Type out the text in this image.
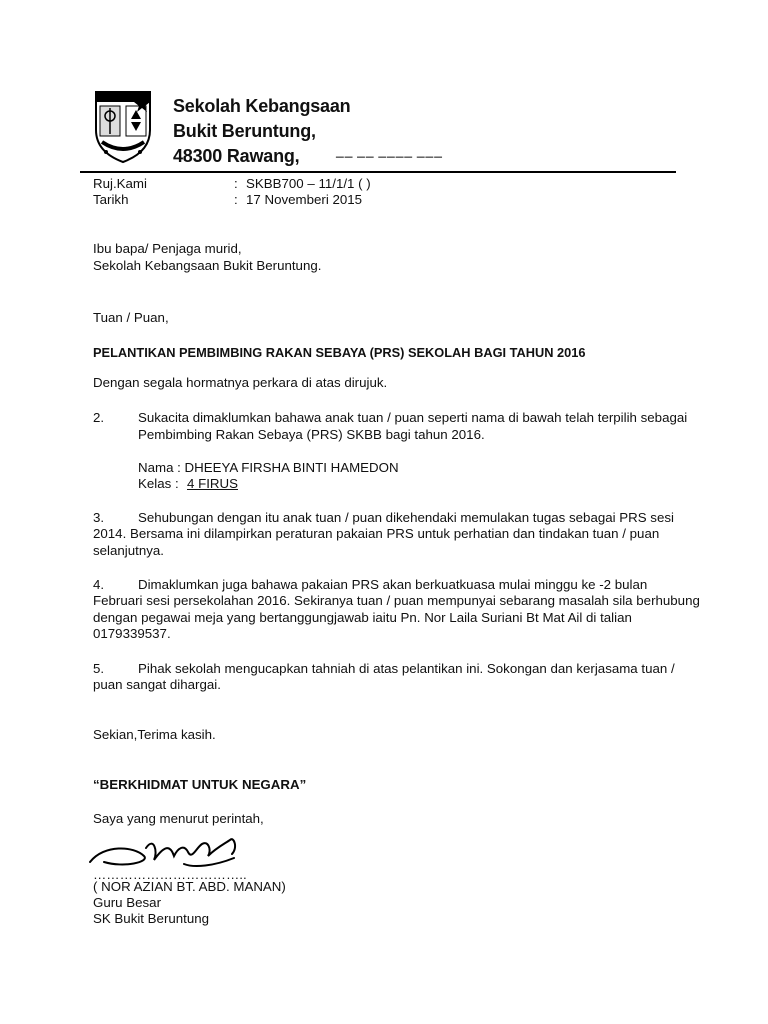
Sekolah Kebangsaan
Bukit Beruntung,
48300 Rawang,	▔▔ ▔▔ ▔▔▔▔ ▔▔▔
Ruj.Kami	: SKBB700 – 11/1/1 ( )
Tarikh	: 17 Novemberi 2015
Ibu bapa/ Penjaga murid,
Sekolah Kebangsaan Bukit Beruntung.
Tuan / Puan,
PELANTIKAN PEMBIMBING RAKAN SEBAYA (PRS) SEKOLAH BAGI TAHUN 2016
Dengan segala hormatnya perkara di atas dirujuk.
2.	Sukacita dimaklumkan bahawa anak tuan / puan seperti nama di bawah telah terpilih sebagai
Pembimbing Rakan Sebaya (PRS) SKBB bagi tahun 2016.
Nama : DHEEYA FIRSHA BINTI HAMEDON
Kelas : 4 FIRUS
3.	Sehubungan dengan itu anak tuan / puan dikehendaki memulakan tugas sebagai PRS sesi
2014. Bersama ini dilampirkan peraturan pakaian PRS untuk perhatian dan tindakan tuan / puan
selanjutnya.
4.	Dimaklumkan juga bahawa pakaian PRS akan berkuatkuasa mulai minggu ke -2 bulan
Februari sesi persekolahan 2016. Sekiranya tuan / puan mempunyai sebarang masalah sila berhubung
dengan pegawai meja yang bertanggungjawab iaitu Pn. Nor Laila Suriani Bt Mat Ail di talian
0179339537.
5.	Pihak sekolah mengucapkan tahniah di atas pelantikan ini. Sokongan dan kerjasama tuan /
puan sangat dihargai.
Sekian,Terima kasih.
“BERKHIDMAT UNTUK NEGARA”
Saya yang menurut perintah,
……………………………..
( NOR AZIAN BT. ABD. MANAN)
Guru Besar
SK Bukit Beruntung
